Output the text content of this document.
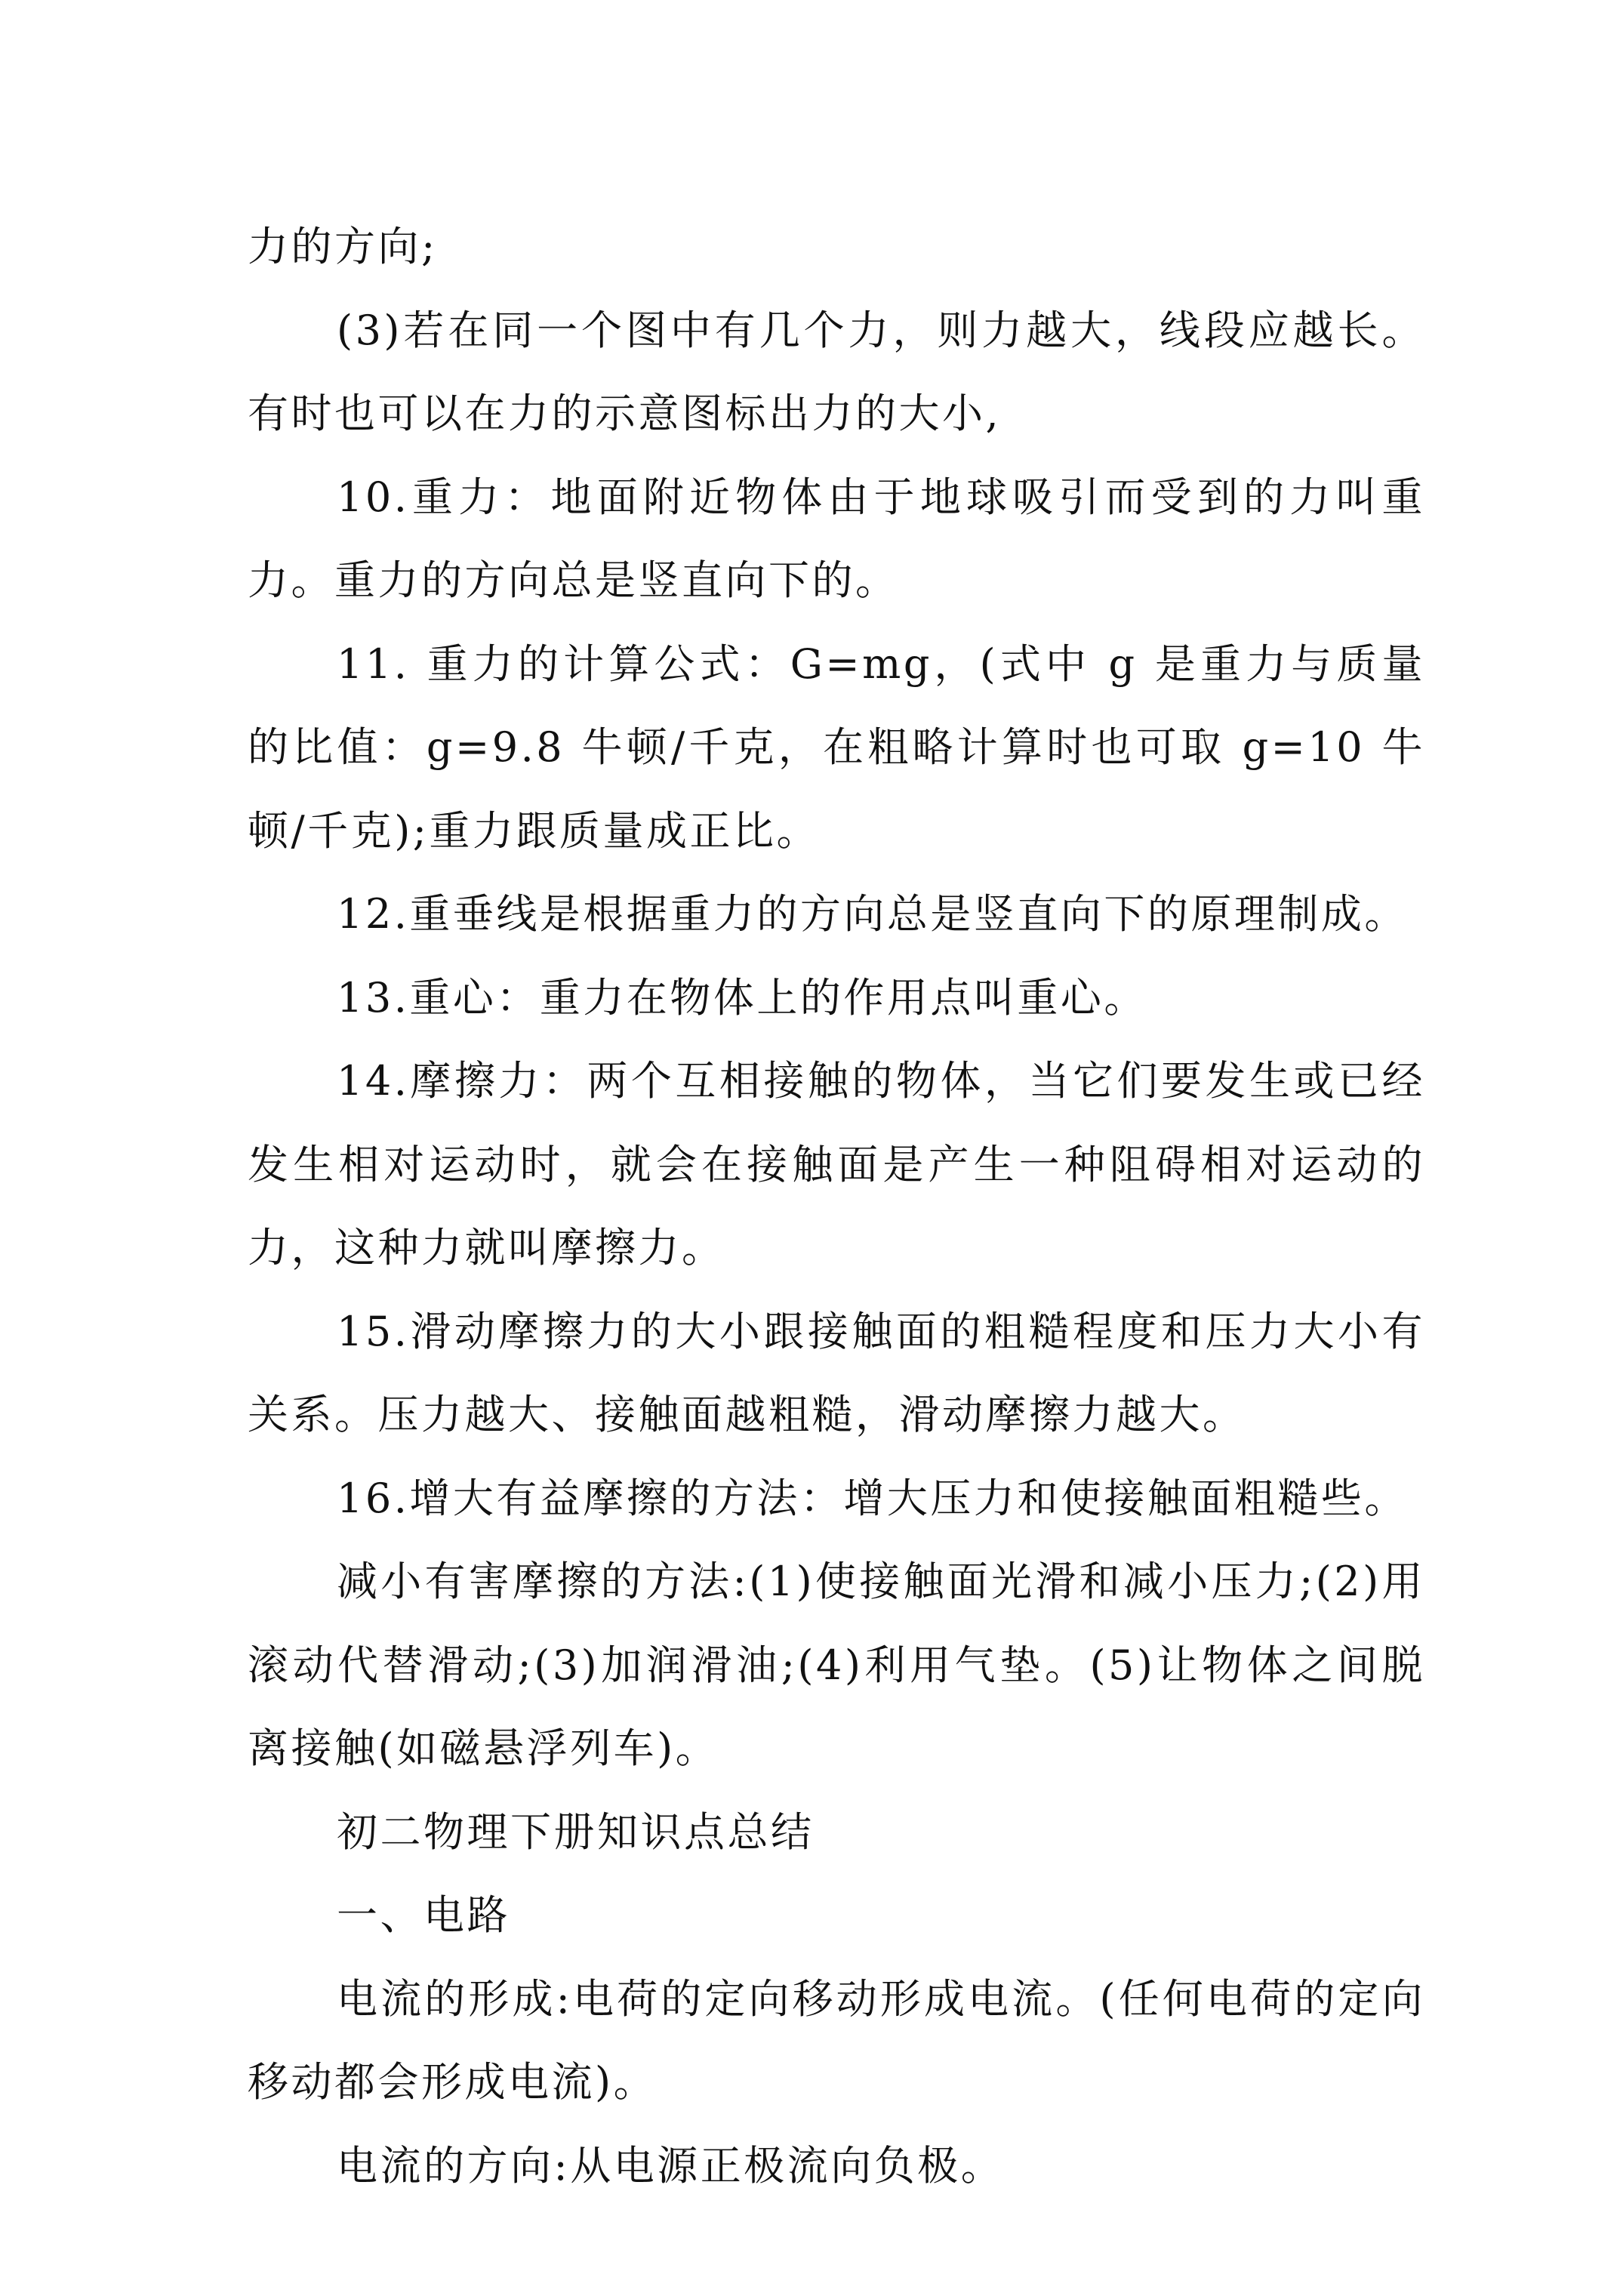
力的方向;

(3)若在同一个图中有几个力，则力越大，线段应越长。有时也可以在力的示意图标出力的大小,

10.重力：地面附近物体由于地球吸引而受到的力叫重力。重力的方向总是竖直向下的。

11. 重力的计算公式：G=mg，(式中 g 是重力与质量的比值：g=9.8 牛顿/千克，在粗略计算时也可取 g=10 牛顿/千克);重力跟质量成正比。

12.重垂线是根据重力的方向总是竖直向下的原理制成。

13.重心：重力在物体上的作用点叫重心。

14.摩擦力：两个互相接触的物体，当它们要发生或已经发生相对运动时，就会在接触面是产生一种阻碍相对运动的力，这种力就叫摩擦力。

15.滑动摩擦力的大小跟接触面的粗糙程度和压力大小有关系。压力越大、接触面越粗糙，滑动摩擦力越大。

16.增大有益摩擦的方法：增大压力和使接触面粗糙些。

减小有害摩擦的方法:(1)使接触面光滑和减小压力;(2)用滚动代替滑动;(3)加润滑油;(4)利用气垫。(5)让物体之间脱离接触(如磁悬浮列车)。

初二物理下册知识点总结

一、电路

电流的形成:电荷的定向移动形成电流。(任何电荷的定向移动都会形成电流)。

电流的方向:从电源正极流向负极。
